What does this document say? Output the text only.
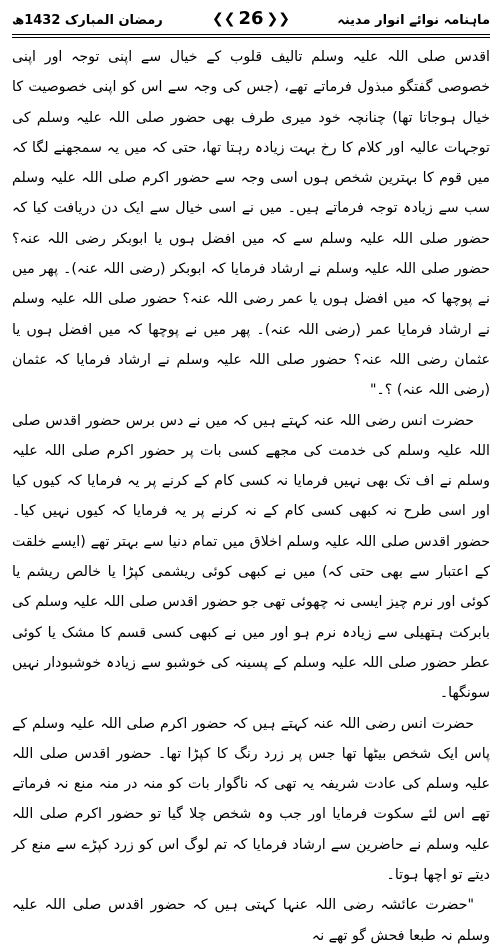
رمضان المبارک 1432ھ	❮❮ 26 ❯❯	ماہنامہ نوائے انوار مدینہ

اقدس صلی اللہ علیہ وسلم تالیف قلوب کے خیال سے اپنی توجہ اور اپنی خصوصی گفتگو مبذول فرماتے تھے، (جس کی وجہ سے اس کو اپنی خصوصیت کا خیال ہوجاتا تھا) چنانچہ خود میری طرف بھی حضور صلی اللہ علیہ وسلم کی توجہات عالیہ اور کلام کا رخ بہت زیادہ رہتا تھا، حتی کہ میں یہ سمجھنے لگا کہ میں قوم کا بہترین شخص ہوں اسی وجہ سے حضور اکرم صلی اللہ علیہ وسلم سب سے زیادہ توجہ فرماتے ہیں۔ میں نے اسی خیال سے ایک دن دریافت کیا کہ حضور صلی اللہ علیہ وسلم سے کہ میں افضل ہوں یا ابوبکر رضی اللہ عنہ؟ حضور صلی اللہ علیہ وسلم نے ارشاد فرمایا کہ ابوبکر (رضی اللہ عنہ)۔ پھر میں نے پوچھا کہ میں افضل ہوں یا عمر رضی اللہ عنہ؟ حضور صلی اللہ علیہ وسلم نے ارشاد فرمایا عمر (رضی اللہ عنہ)۔ پھر میں نے پوچھا کہ میں افضل ہوں یا عثمان رضی اللہ عنہ؟ حضور صلی اللہ علیہ وسلم نے ارشاد فرمایا کہ عثمان (رضی اللہ عنہ) ؟۔"

حضرت انس رضی اللہ عنہ کہتے ہیں کہ میں نے دس برس حضور اقدس صلی اللہ علیہ وسلم کی خدمت کی مجھے کسی بات پر حضور اکرم صلی اللہ علیہ وسلم نے اف تک بھی نہیں فرمایا نہ کسی کام کے کرنے پر یہ فرمایا کہ کیوں کیا اور اسی طرح نہ کبھی کسی کام کے نہ کرنے پر یہ فرمایا کہ کیوں نہیں کیا۔ حضور اقدس صلی اللہ علیہ وسلم اخلاق میں تمام دنیا سے بہتر تھے (ایسے خلقت کے اعتبار سے بھی حتی کہ) میں نے کبھی کوئی ریشمی کپڑا یا خالص ریشم یا کوئی اور نرم چیز ایسی نہ چھوئی تھی جو حضور اقدس صلی اللہ علیہ وسلم کی بابرکت ہتھیلی سے زیادہ نرم ہو اور میں نے کبھی کسی قسم کا مشک یا کوئی عطر حضور صلی اللہ علیہ وسلم کے پسینہ کی خوشبو سے زیادہ خوشبودار نہیں سونگھا۔

حضرت انس رضی اللہ عنہ کہتے ہیں کہ حضور اکرم صلی اللہ علیہ وسلم کے پاس ایک شخص بیٹھا تھا جس پر زرد رنگ کا کپڑا تھا۔ حضور اقدس صلی اللہ علیہ وسلم کی عادت شریفہ یہ تھی کہ ناگوار بات کو منہ در منہ منع نہ فرماتے تھے اس لئے سکوت فرمایا اور جب وہ شخص چلا گیا تو حضور اکرم صلی اللہ علیہ وسلم نے حاضرین سے ارشاد فرمایا کہ تم لوگ اس کو زرد کپڑے سے منع کر دیتے تو اچھا ہوتا۔

"حضرت عائشہ رضی اللہ عنہا کہتی ہیں کہ حضور اقدس صلی اللہ علیہ وسلم نہ طبعا فحش گو تھے نہ
